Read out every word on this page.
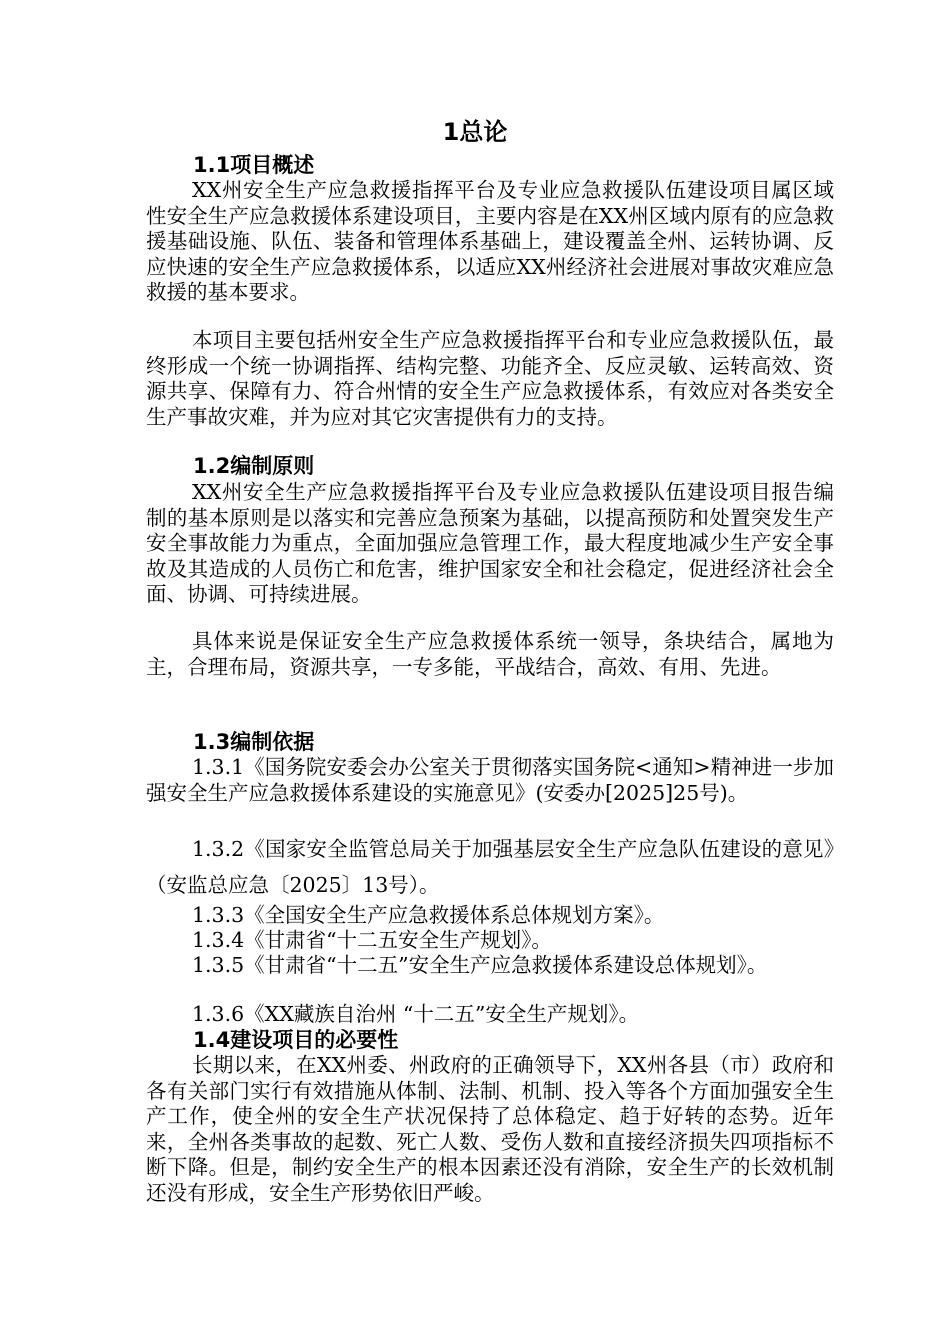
1总论
1.1项目概述
XX州安全生产应急救援指挥平台及专业应急救援队伍建设项目属区域性安全生产应急救援体系建设项目，主要内容是在XX州区域内原有的应急救援基础设施、队伍、装备和管理体系基础上，建设覆盖全州、运转协调、反应快速的安全生产应急救援体系，以适应XX州经济社会进展对事故灾难应急救援的基本要求。
本项目主要包括州安全生产应急救援指挥平台和专业应急救援队伍，最终形成一个统一协调指挥、结构完整、功能齐全、反应灵敏、运转高效、资源共享、保障有力、符合州情的安全生产应急救援体系，有效应对各类安全生产事故灾难，并为应对其它灾害提供有力的支持。
1.2编制原则
XX州安全生产应急救援指挥平台及专业应急救援队伍建设项目报告编制的基本原则是以落实和完善应急预案为基础，以提高预防和处置突发生产安全事故能力为重点，全面加强应急管理工作，最大程度地减少生产安全事故及其造成的人员伤亡和危害，维护国家安全和社会稳定，促进经济社会全面、协调、可持续进展。
具体来说是保证安全生产应急救援体系统一领导，条块结合，属地为主，合理布局，资源共享，一专多能，平战结合，高效、有用、先进。
1.3编制依据
1.3.1《国务院安委会办公室关于贯彻落实国务院<通知>精神进一步加强安全生产应急救援体系建设的实施意见》(安委办[2025]25号)。
1.3.2《国家安全监管总局关于加强基层安全生产应急队伍建设的意见》（安监总应急〔2025〕13号）。
1.3.3《全国安全生产应急救援体系总体规划方案》。
1.3.4《甘肃省“十二五安全生产规划》。
1.3.5《甘肃省“十二五”安全生产应急救援体系建设总体规划》。
1.3.6《XX藏族自治州 “十二五”安全生产规划》。
1.4建设项目的必要性
长期以来，在XX州委、州政府的正确领导下，XX州各县（市）政府和各有关部门实行有效措施从体制、法制、机制、投入等各个方面加强安全生产工作，使全州的安全生产状况保持了总体稳定、趋于好转的态势。近年来，全州各类事故的起数、死亡人数、受伤人数和直接经济损失四项指标不断下降。但是，制约安全生产的根本因素还没有消除，安全生产的长效机制还没有形成，安全生产形势依旧严峻。
